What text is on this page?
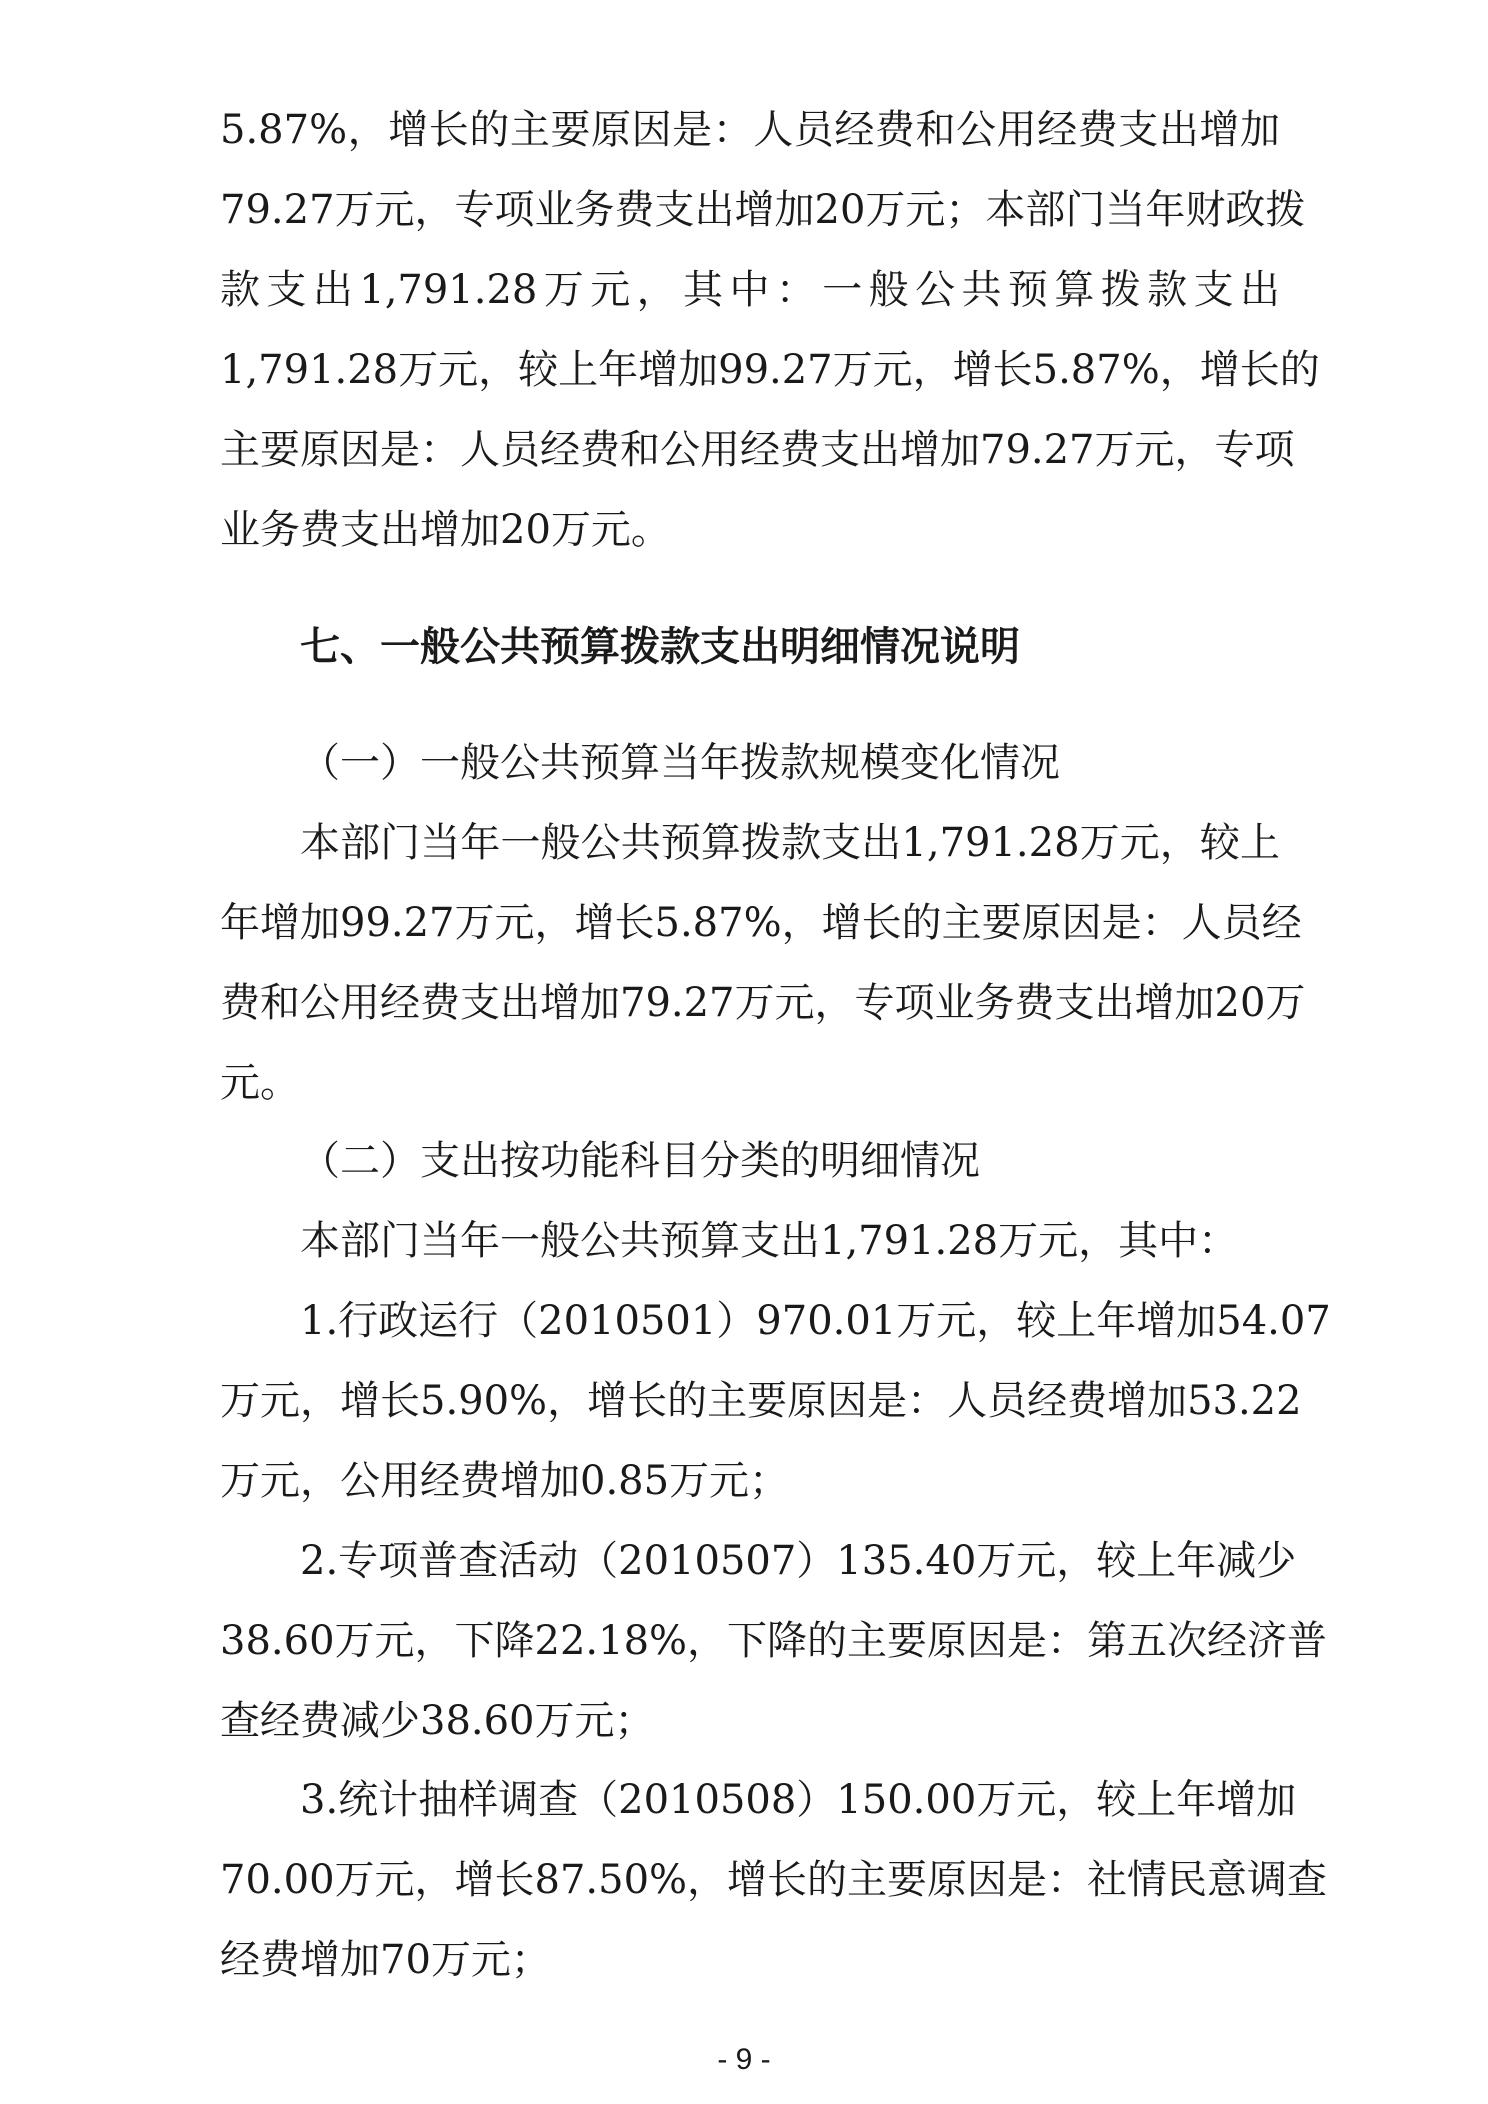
5.87%，增长的主要原因是：人员经费和公用经费支出增加
79.27万元，专项业务费支出增加20万元；本部门当年财政拨
款支出1,791.28万元，其中：一般公共预算拨款支出
1,791.28万元，较上年增加99.27万元，增长5.87%，增长的
主要原因是：人员经费和公用经费支出增加79.27万元，专项
业务费支出增加20万元。
七、一般公共预算拨款支出明细情况说明

（一）一般公共预算当年拨款规模变化情况

本部门当年一般公共预算拨款支出1,791.28万元，较上
年增加99.27万元，增长5.87%，增长的主要原因是：人员经
费和公用经费支出增加79.27万元，专项业务费支出增加20万
元。

（二）支出按功能科目分类的明细情况

本部门当年一般公共预算支出1,791.28万元，其中：
1.行政运行（2010501）970.01万元，较上年增加54.07
万元，增长5.90%，增长的主要原因是：人员经费增加53.22
万元，公用经费增加0.85万元；
2.专项普查活动（2010507）135.40万元，较上年减少
38.60万元，下降22.18%，下降的主要原因是：第五次经济普
查经费减少38.60万元；
3.统计抽样调查（2010508）150.00万元，较上年增加
70.00万元，增长87.50%，增长的主要原因是：社情民意调查
经费增加70万元；
- 9 -
